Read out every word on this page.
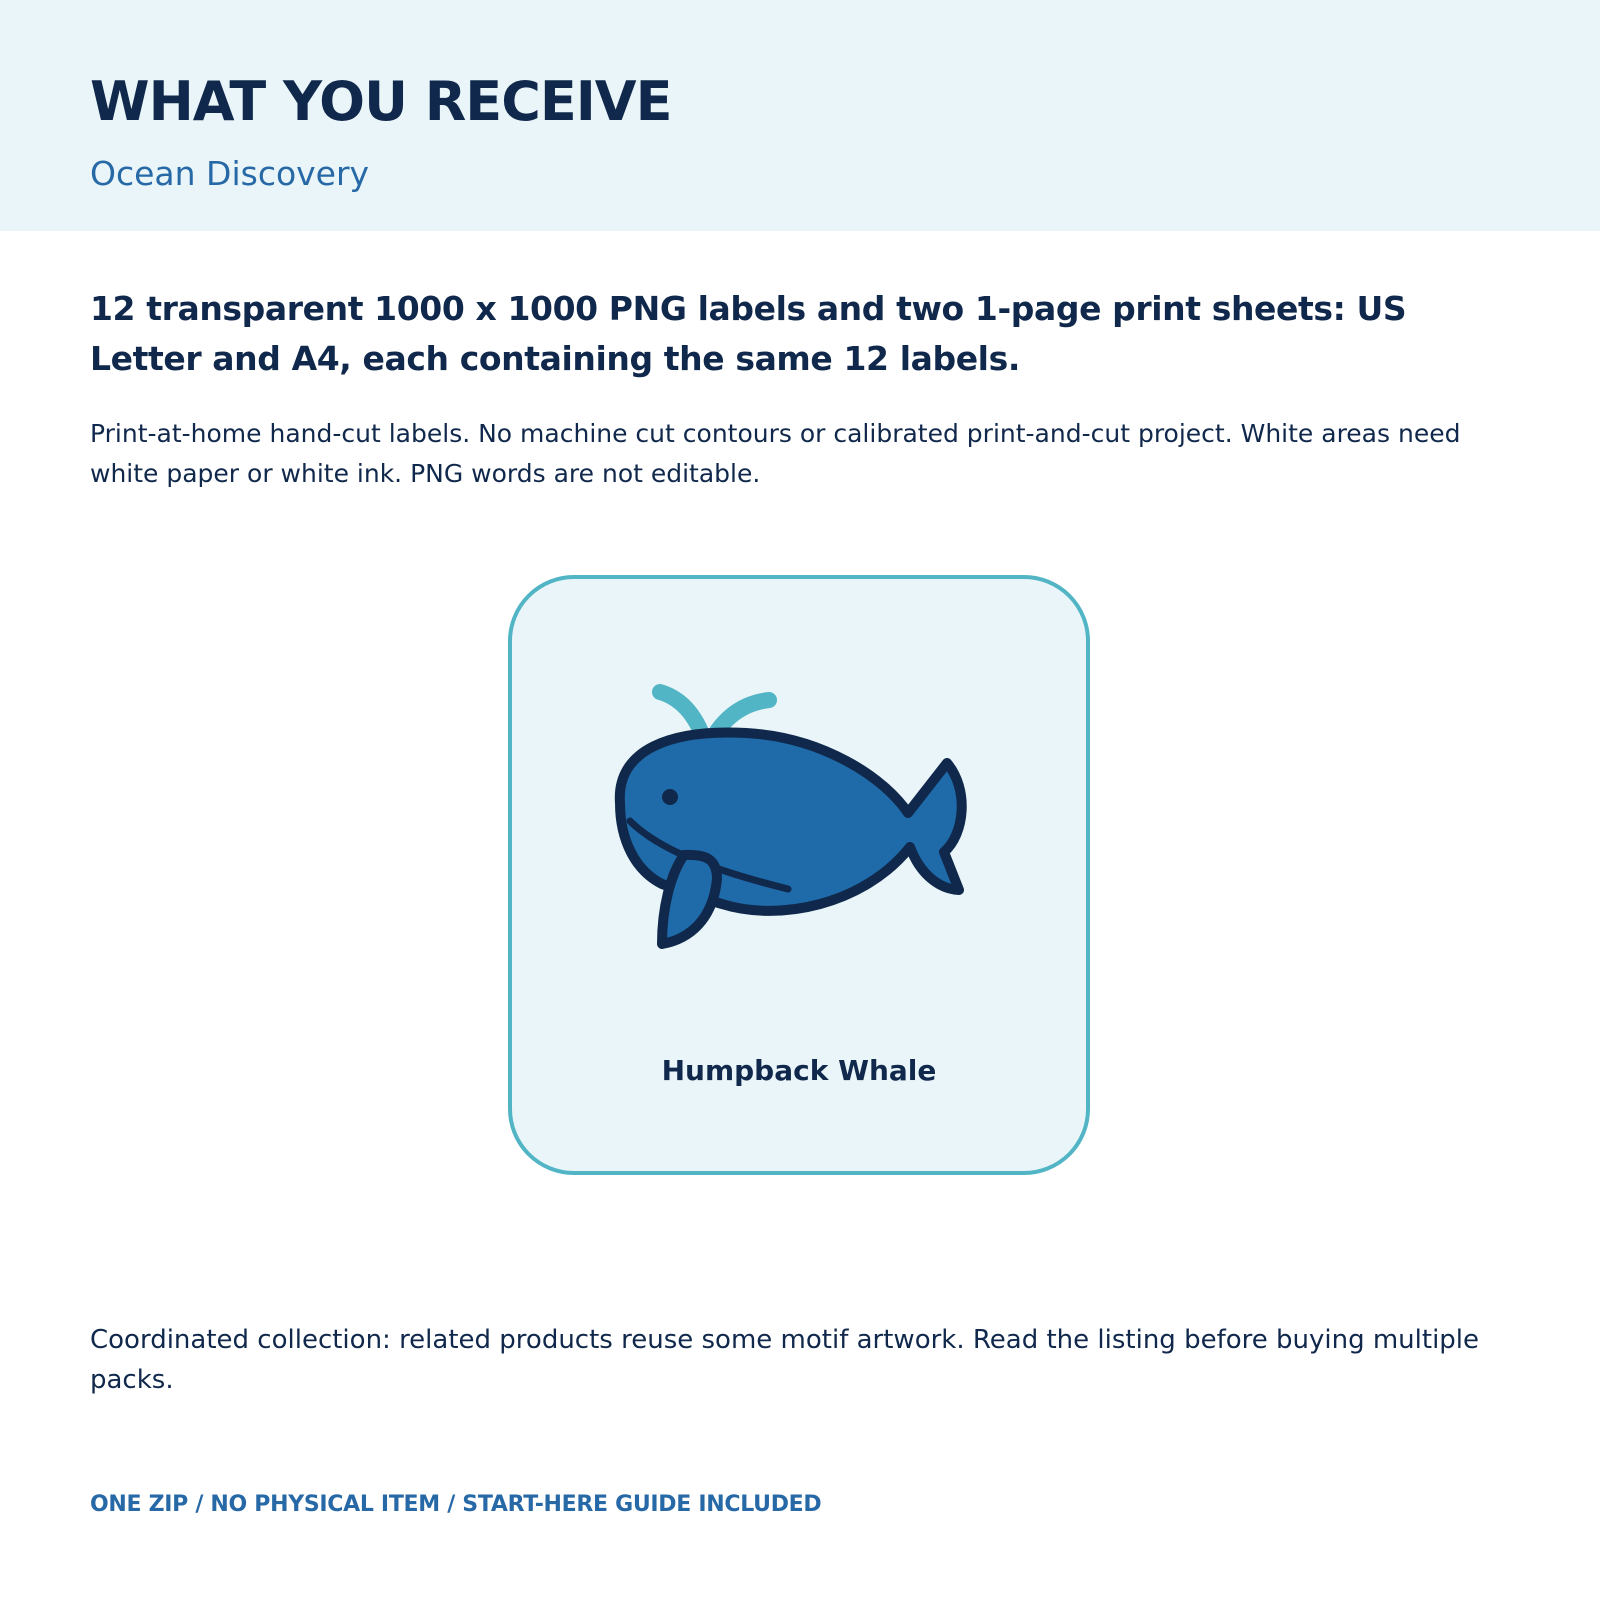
WHAT YOU RECEIVE

Ocean Discovery

12 transparent 1000 x 1000 PNG labels and two 1-page print sheets: US Letter and A4, each containing the same 12 labels.

Print-at-home hand-cut labels. No machine cut contours or calibrated print-and-cut project. White areas need white paper or white ink. PNG words are not editable.

Humpback Whale

Coordinated collection: related products reuse some motif artwork. Read the listing before buying multiple packs.

ONE ZIP / NO PHYSICAL ITEM / START-HERE GUIDE INCLUDED
